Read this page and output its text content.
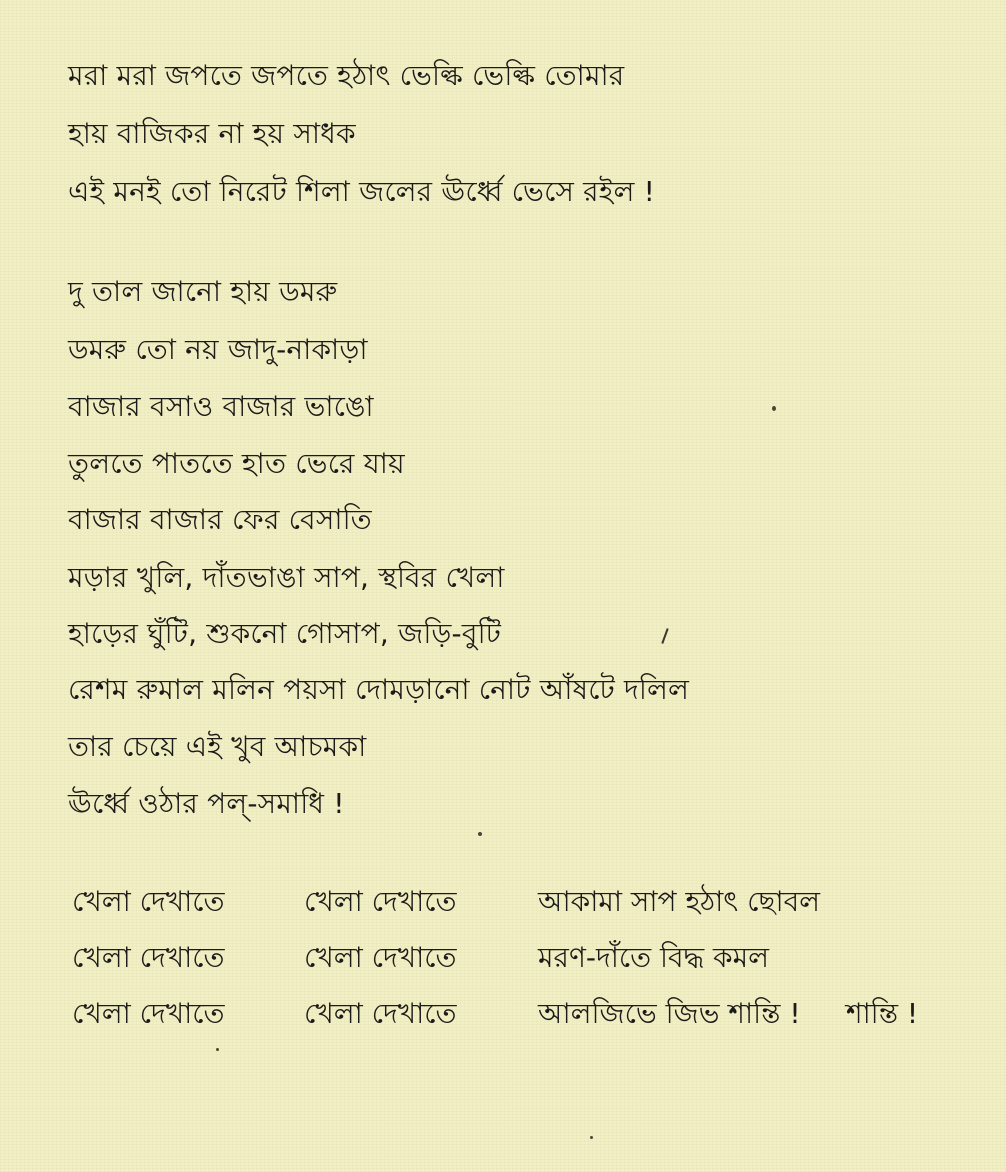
মরা মরা জপতে জপতে হঠাৎ ভেল্কি ভেল্কি তোমার
হায় বাজিকর না হয় সাধক
এই মনই তো নিরেট শিলা জলের ঊর্ধ্বে ভেসে রইল !
দু তাল জানো হায় ডমরু
ডমরু তো নয় জাদু-নাকাড়া
বাজার বসাও বাজার ভাঙো
তুলতে পাততে হাত ভেরে যায়
বাজার বাজার ফের বেসাতি
মড়ার খুলি, দাঁতভাঙা সাপ, স্থবির খেলা
হাড়ের ঘুঁটি, শুকনো গোসাপ, জড়ি-বুটি
রেশম রুমাল মলিন পয়সা দোমড়ানো নোট আঁষটে দলিল
তার চেয়ে এই খুব আচমকা
ঊর্ধ্বে ওঠার পল্‌-সমাধি !
খেলা দেখাতে	খেলা দেখাতে	আকামা সাপ হঠাৎ ছোবল
খেলা দেখাতে	খেলা দেখাতে	মরণ-দাঁতে বিদ্ধ কমল
খেলা দেখাতে	খেলা দেখাতে	আলজিভে জিভ শান্তি ! শান্তি !
